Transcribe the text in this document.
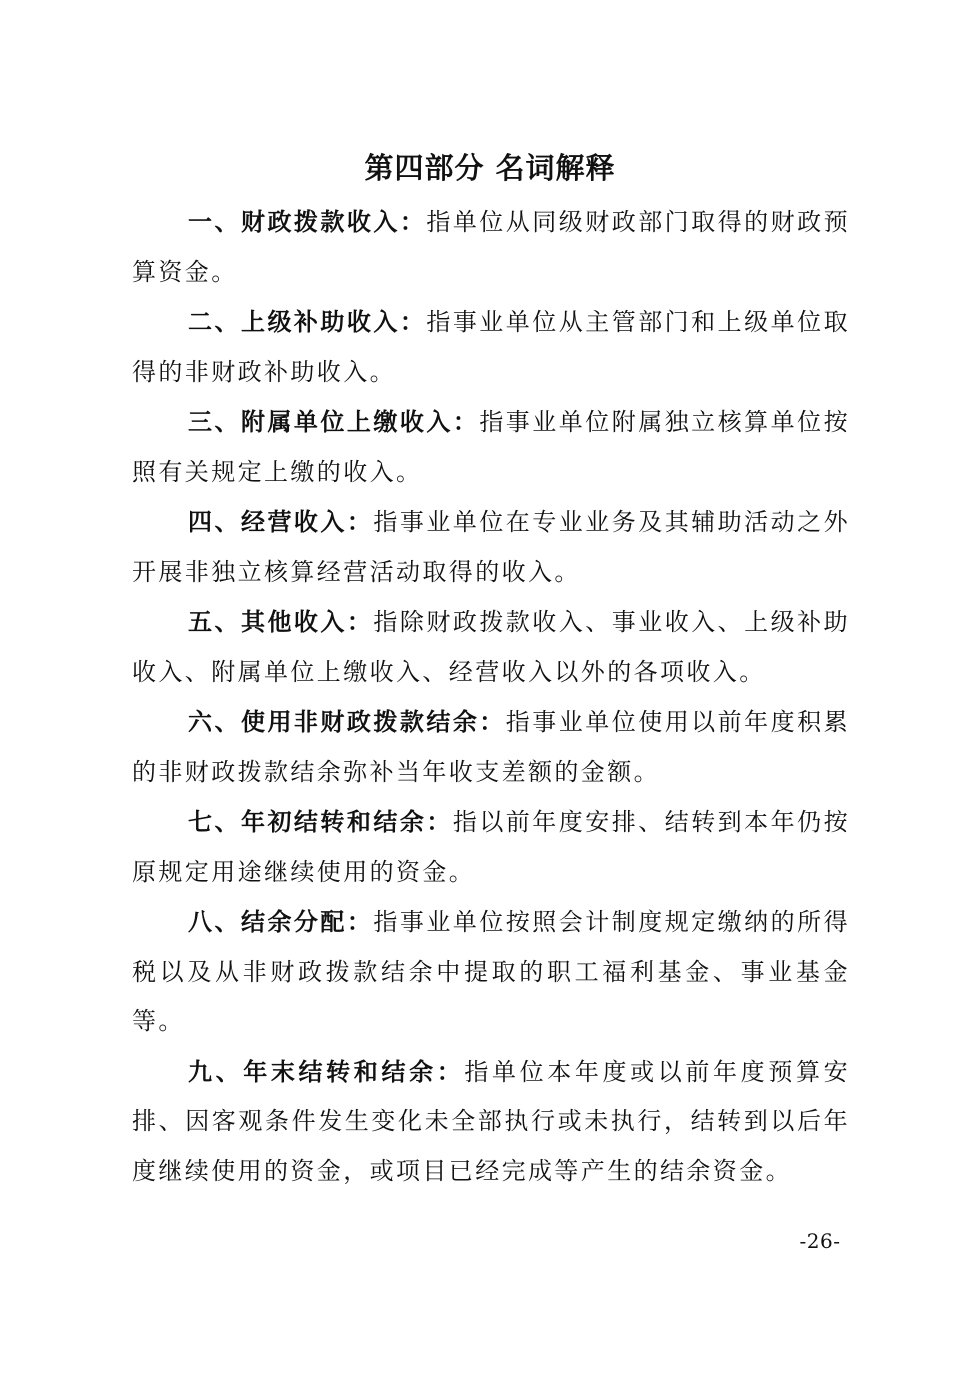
第四部分 名词解释

一、财政拨款收入：指单位从同级财政部门取得的财政预算资金。

二、上级补助收入：指事业单位从主管部门和上级单位取得的非财政补助收入。

三、附属单位上缴收入：指事业单位附属独立核算单位按照有关规定上缴的收入。

四、经营收入：指事业单位在专业业务及其辅助活动之外开展非独立核算经营活动取得的收入。

五、其他收入：指除财政拨款收入、事业收入、上级补助收入、附属单位上缴收入、经营收入以外的各项收入。

六、使用非财政拨款结余：指事业单位使用以前年度积累的非财政拨款结余弥补当年收支差额的金额。

七、年初结转和结余：指以前年度安排、结转到本年仍按原规定用途继续使用的资金。

八、结余分配：指事业单位按照会计制度规定缴纳的所得税以及从非财政拨款结余中提取的职工福利基金、事业基金等。

九、年末结转和结余：指单位本年度或以前年度预算安排、因客观条件发生变化未全部执行或未执行，结转到以后年度继续使用的资金，或项目已经完成等产生的结余资金。

-26-
